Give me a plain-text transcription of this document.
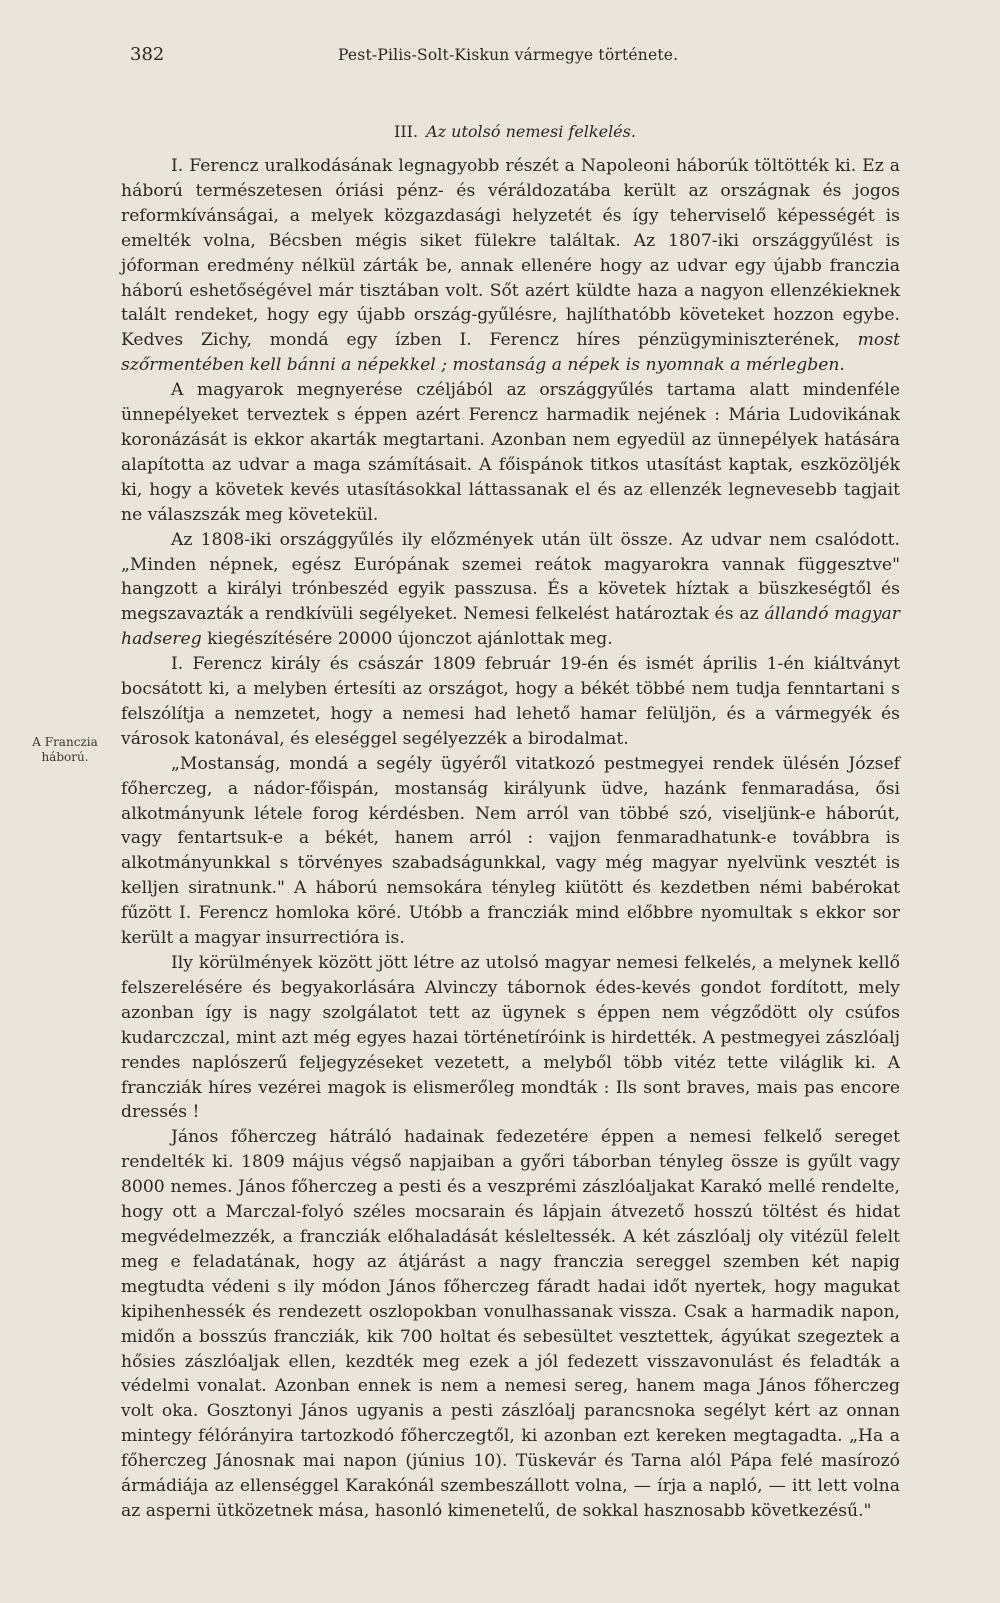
382	Pest-Pilis-Solt-Kiskun vármegye története.
III. Az utolsó nemesi felkelés.
A Franczia
háború.

I. Ferencz uralkodásának legnagyobb részét a Napoleoni háborúk töltötték ki. Ez a háború természetesen óriási pénz- és véráldozatába került az országnak és jogos reformkívánságai, a melyek közgazdasági helyzetét és így teherviselő képességét is emelték volna, Bécsben mégis siket fülekre találtak. Az 1807-iki országgyűlést is jóforman eredmény nélkül zárták be, annak ellenére hogy az udvar egy újabb franczia háború eshetőségével már tisztában volt. Sőt azért küldte haza a nagyon ellenzékieknek talált rendeket, hogy egy újabb ország-gyűlésre, hajlíthatóbb követeket hozzon egybe. Kedves Zichy, mondá egy ízben I. Ferencz híres pénzügyminiszterének, most szőrmentében kell bánni a népekkel ; mostanság a népek is nyomnak a mérlegben.

A magyarok megnyerése czéljából az országgyűlés tartama alatt mindenféle ünnepélyeket terveztek s éppen azért Ferencz harmadik nejének : Mária Ludovikának koronázását is ekkor akarták megtartani. Azonban nem egyedül az ünnepélyek hatására alapította az udvar a maga számításait. A főispánok titkos utasítást kaptak, eszközöljék ki, hogy a követek kevés utasításokkal láttassanak el és az ellenzék legnevesebb tagjait ne válaszszák meg követekül.

Az 1808-iki országgyűlés ily előzmények után ült össze. Az udvar nem csalódott. „Minden népnek, egész Európának szemei reátok magyarokra vannak függesztve" hangzott a királyi trónbeszéd egyik passzusa. És a követek híztak a büszkeségtől és megszavazták a rendkívüli segélyeket. Nemesi felkelést határoztak és az állandó magyar hadsereg kiegészítésére 20000 újonczot ajánlottak meg.

I. Ferencz király és császár 1809 február 19-én és ismét április 1-én kiáltványt bocsátott ki, a melyben értesíti az országot, hogy a békét többé nem tudja fenntartani s felszólítja a nemzetet, hogy a nemesi had lehető hamar felüljön, és a vármegyék és városok katonával, és eleséggel segélyezzék a birodalmat.

„Mostanság, mondá a segély ügyéről vitatkozó pestmegyei rendek ülésén József főherczeg, a nádor-főispán, mostanság királyunk üdve, hazánk fenmaradása, ősi alkotmányunk létele forog kérdésben. Nem arról van többé szó, viseljünk-e háborút, vagy fentartsuk-e a békét, hanem arról : vajjon fenmaradhatunk-e továbbra is alkotmányunkkal s törvényes szabadságunkkal, vagy még magyar nyelvünk vesztét is kelljen siratnunk." A háború nemsokára tényleg kiütött és kezdetben némi babérokat fűzött I. Ferencz homloka köré. Utóbb a francziák mind előbbre nyomultak s ekkor sor került a magyar insurrectióra is.

Ily körülmények között jött létre az utolsó magyar nemesi felkelés, a melynek kellő felszerelésére és begyakorlására Alvinczy tábornok édes-kevés gondot fordított, mely azonban így is nagy szolgálatot tett az ügynek s éppen nem végződött oly csúfos kudarczczal, mint azt még egyes hazai történetíróink is hirdették. A pestmegyei zászlóalj rendes naplószerű feljegyzéseket vezetett, a melyből több vitéz tette világlik ki. A francziák híres vezérei magok is elismerőleg mondták : Ils sont braves, mais pas encore dressés !

János főherczeg hátráló hadainak fedezetére éppen a nemesi felkelő sereget rendelték ki. 1809 május végső napjaiban a győri táborban tényleg össze is gyűlt vagy 8000 nemes. János főherczeg a pesti és a veszprémi zászlóaljakat Karakó mellé rendelte, hogy ott a Marczal-folyó széles mocsarain és lápjain átvezető hosszú töltést és hidat megvédelmezzék, a francziák előhaladását késleltessék. A két zászlóalj oly vitézül felelt meg e feladatának, hogy az átjárást a nagy franczia sereggel szemben két napig megtudta védeni s ily módon János főherczeg fáradt hadai időt nyertek, hogy magukat kipihenhessék és rendezett oszlopokban vonulhassanak vissza. Csak a harmadik napon, midőn a bosszús francziák, kik 700 holtat és sebesültet vesztettek, ágyúkat szegeztek a hősies zászlóaljak ellen, kezdték meg ezek a jól fedezett visszavonulást és feladták a védelmi vonalat. Azonban ennek is nem a nemesi sereg, hanem maga János főherczeg volt oka. Gosztonyi János ugyanis a pesti zászlóalj parancsnoka segélyt kért az onnan mintegy félórányira tartozkodó főherczegtől, ki azonban ezt kereken megtagadta. „Ha a főherczeg Jánosnak mai napon (június 10). Tüskevár és Tarna alól Pápa felé masírozó ármádiája az ellenséggel Karakónál szembeszállott volna, — írja a napló, — itt lett volna az asperni ütközetnek mása, hasonló kimenetelű, de sokkal hasznosabb következésű."
